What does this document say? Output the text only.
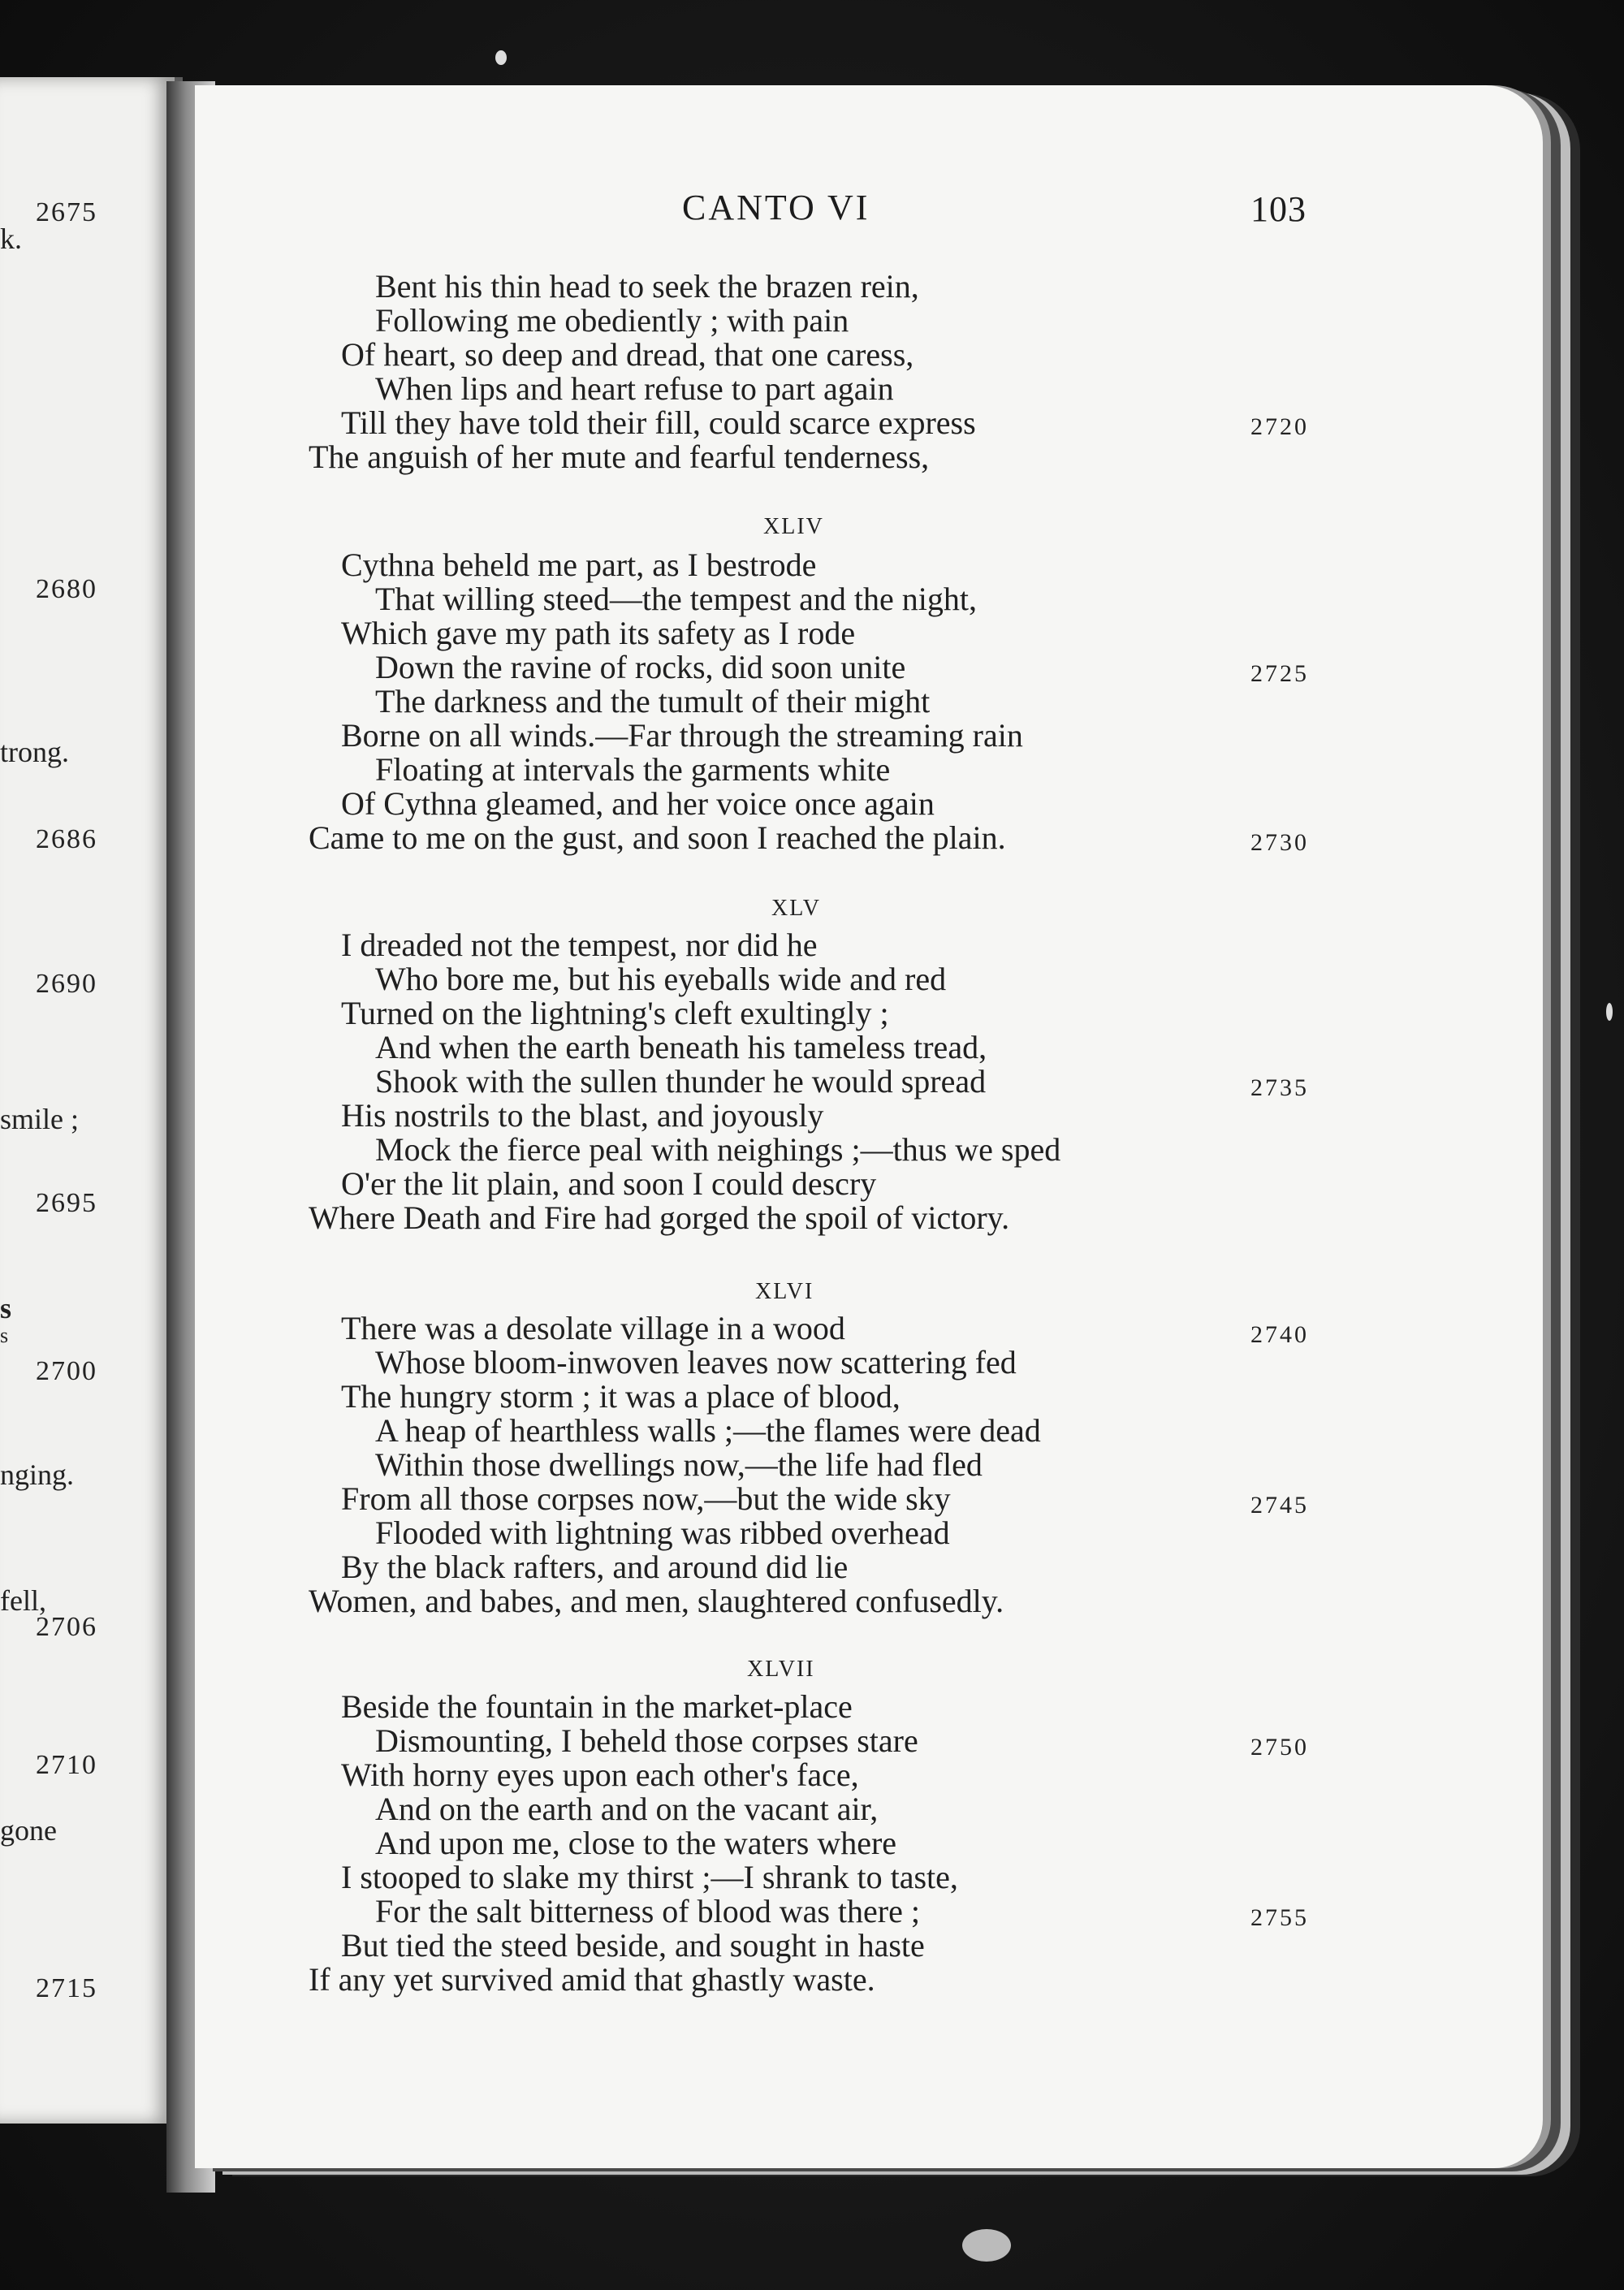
2675
k.
2680
trong.
2686
2690
smile ;
2695
s
s
2700
nging.
fell,
2706
2710
gone
2715
CANTO VI	103
Bent his thin head to seek the brazen rein,
Following me obediently ; with pain
Of heart, so deep and dread, that one caress,
When lips and heart refuse to part again
Till they have told their fill, could scarce express	2720
The anguish of her mute and fearful tenderness,
XLIV
Cythna beheld me part, as I bestrode
That willing steed—the tempest and the night,
Which gave my path its safety as I rode
Down the ravine of rocks, did soon unite	2725
The darkness and the tumult of their might
Borne on all winds.—Far through the streaming rain
Floating at intervals the garments white
Of Cythna gleamed, and her voice once again
Came to me on the gust, and soon I reached the plain.	2730
XLV
I dreaded not the tempest, nor did he
Who bore me, but his eyeballs wide and red
Turned on the lightning's cleft exultingly ;
And when the earth beneath his tameless tread,
Shook with the sullen thunder he would spread	2735
His nostrils to the blast, and joyously
Mock the fierce peal with neighings ;—thus we sped
O'er the lit plain, and soon I could descry
Where Death and Fire had gorged the spoil of victory.
XLVI
There was a desolate village in a wood	2740
Whose bloom-inwoven leaves now scattering fed
The hungry storm ; it was a place of blood,
A heap of hearthless walls ;—the flames were dead
Within those dwellings now,—the life had fled
From all those corpses now,—but the wide sky	2745
Flooded with lightning was ribbed overhead
By the black rafters, and around did lie
Women, and babes, and men, slaughtered confusedly.
XLVII
Beside the fountain in the market-place
Dismounting, I beheld those corpses stare	2750
With horny eyes upon each other's face,
And on the earth and on the vacant air,
And upon me, close to the waters where
I stooped to slake my thirst ;—I shrank to taste,
For the salt bitterness of blood was there ;	2755
But tied the steed beside, and sought in haste
If any yet survived amid that ghastly waste.
